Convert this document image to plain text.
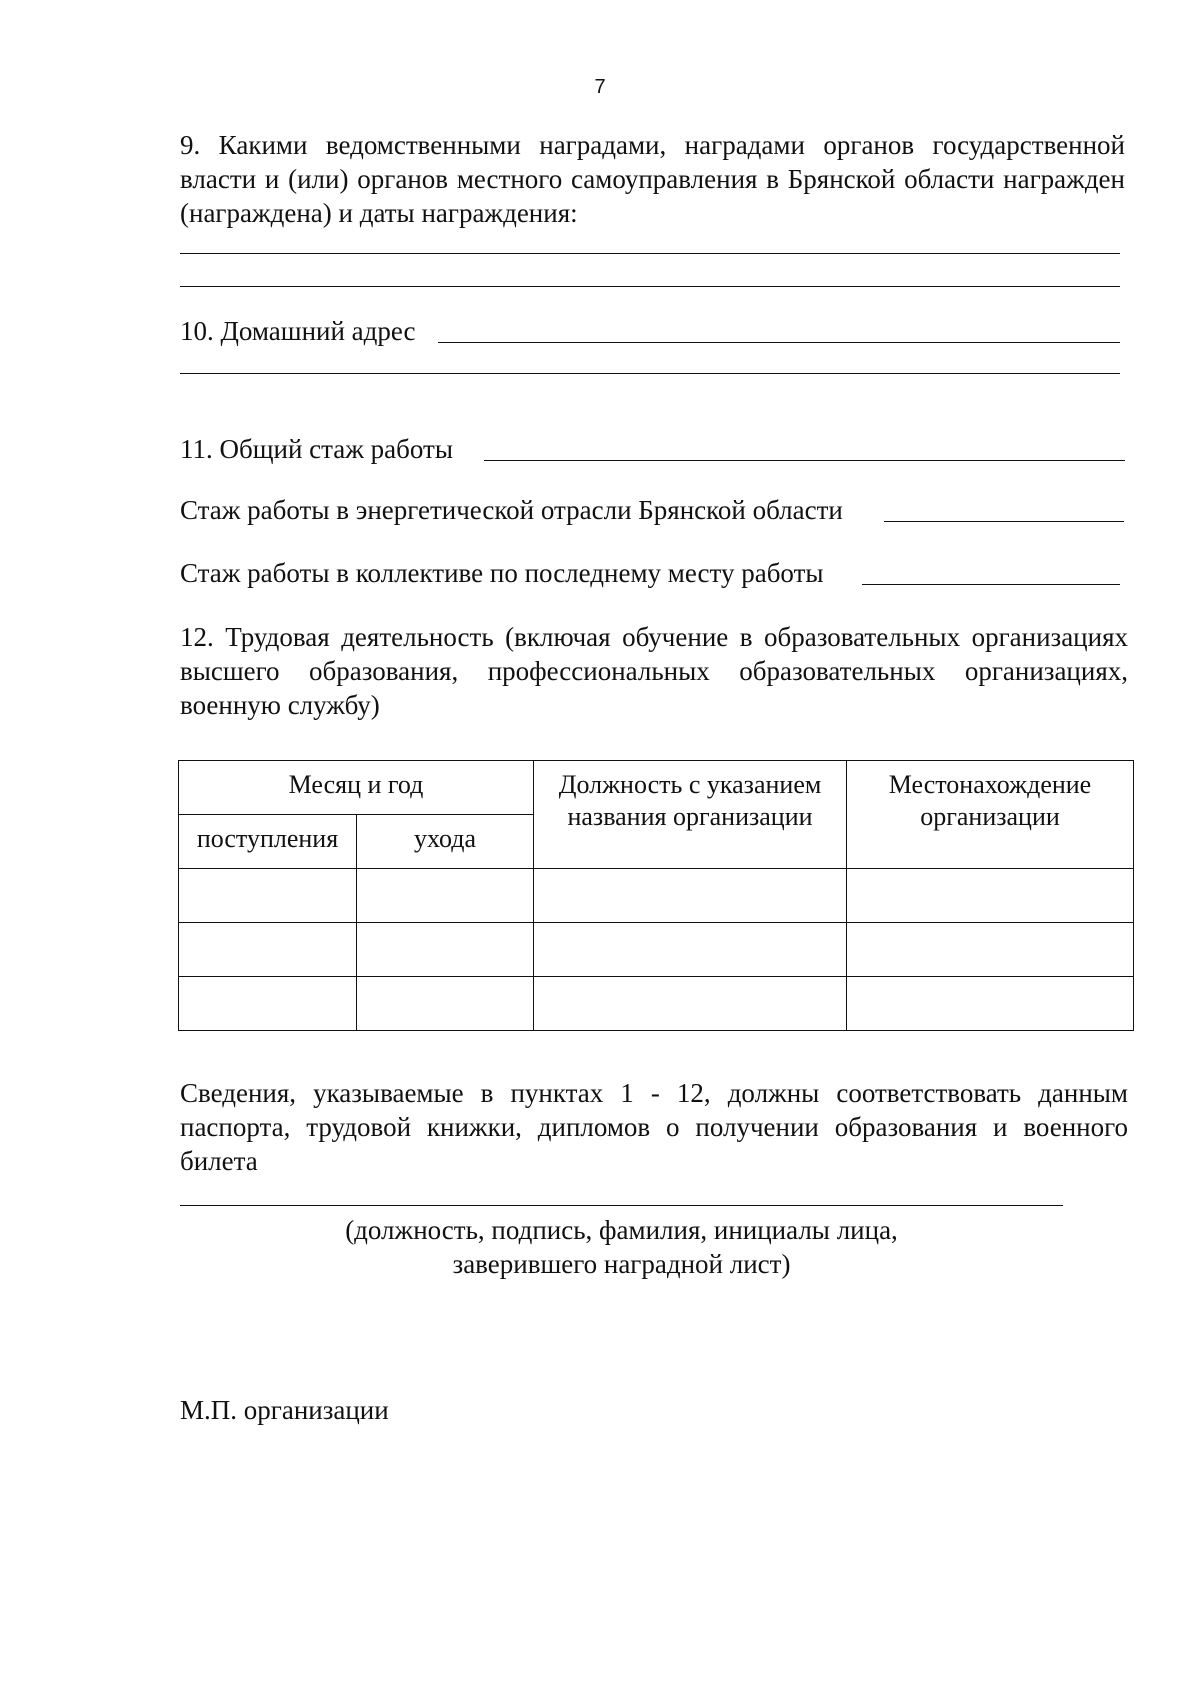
7
9. Какими ведомственными наградами, наградами органов государственной власти и (или) органов местного самоуправления в Брянской области награжден (награждена) и даты награждения:
10. Домашний адрес
11. Общий стаж работы
Стаж работы в энергетической отрасли Брянской области
Стаж работы в коллективе по последнему месту работы
12. Трудовая деятельность (включая обучение в образовательных организациях высшего образования, профессиональных образовательных организациях, военную службу)
Месяц и год		Должность с указанием названия организации	Местонахождение организации
поступления	ухода		

Сведения, указываемые в пунктах 1 - 12, должны соответствовать данным паспорта, трудовой книжки, дипломов о получении образования и военного билета
(должность, подпись, фамилия, инициалы лица,
заверившего наградной лист)
М.П. организации
